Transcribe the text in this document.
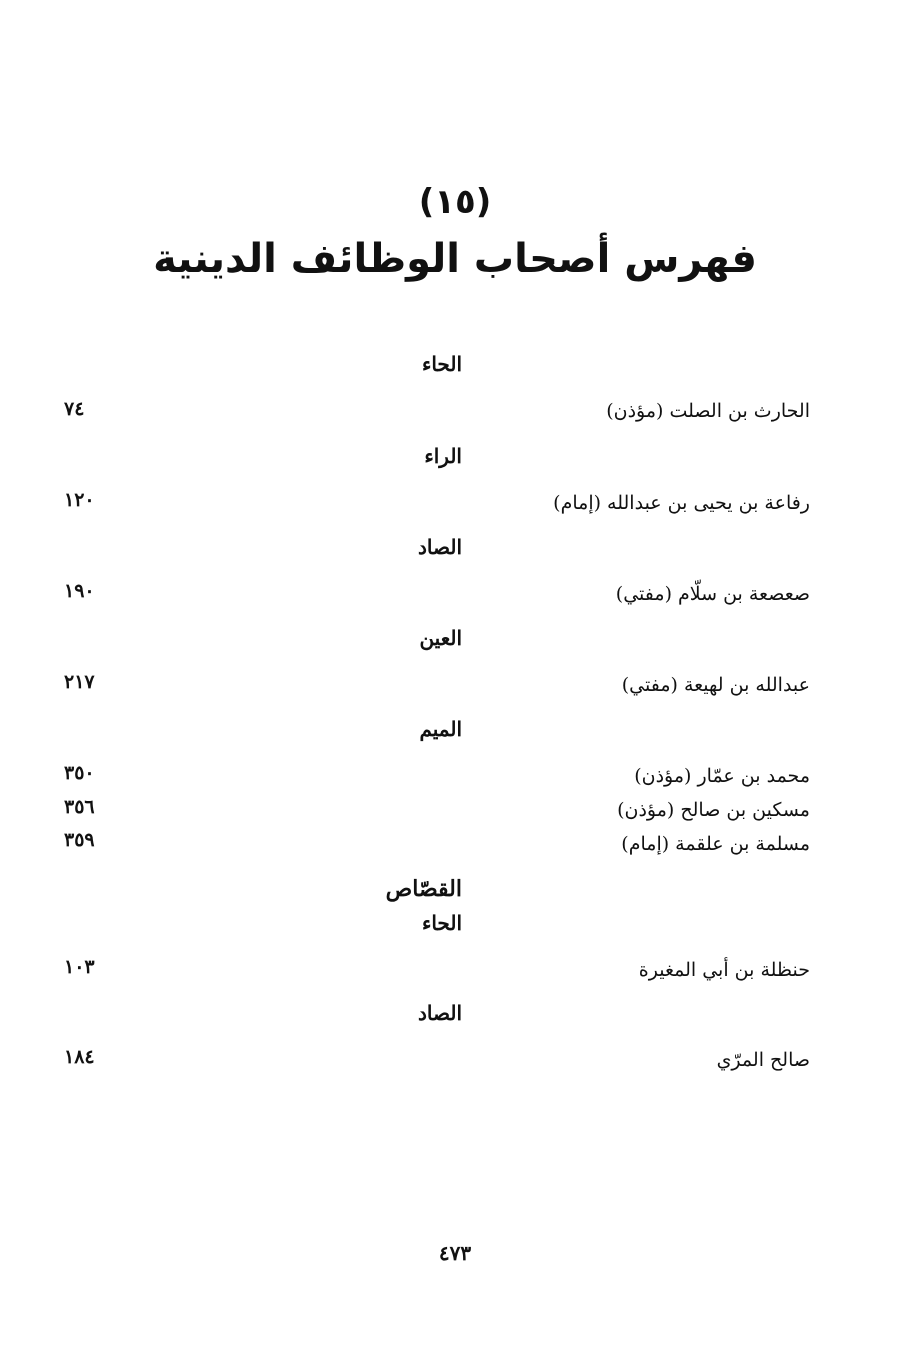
(١٥)
فهرس أصحاب الوظائف الدينية
الحاء
الحارث بن الصلت (مؤذن)
٧٤
الراء
رفاعة بن يحيى بن عبدالله (إمام)
١٢٠
الصاد
صعصعة بن سلّام (مفتي)
١٩٠
العين
عبدالله بن لهيعة (مفتي)
٢١٧
الميم
محمد بن عمّار (مؤذن)
٣٥٠
مسكين بن صالح (مؤذن)
٣٥٦
مسلمة بن علقمة (إمام)
٣٥٩
القصّاص
الحاء
حنظلة بن أبي المغيرة
١٠٣
الصاد
صالح المرّي
١٨٤
٤٧٣
